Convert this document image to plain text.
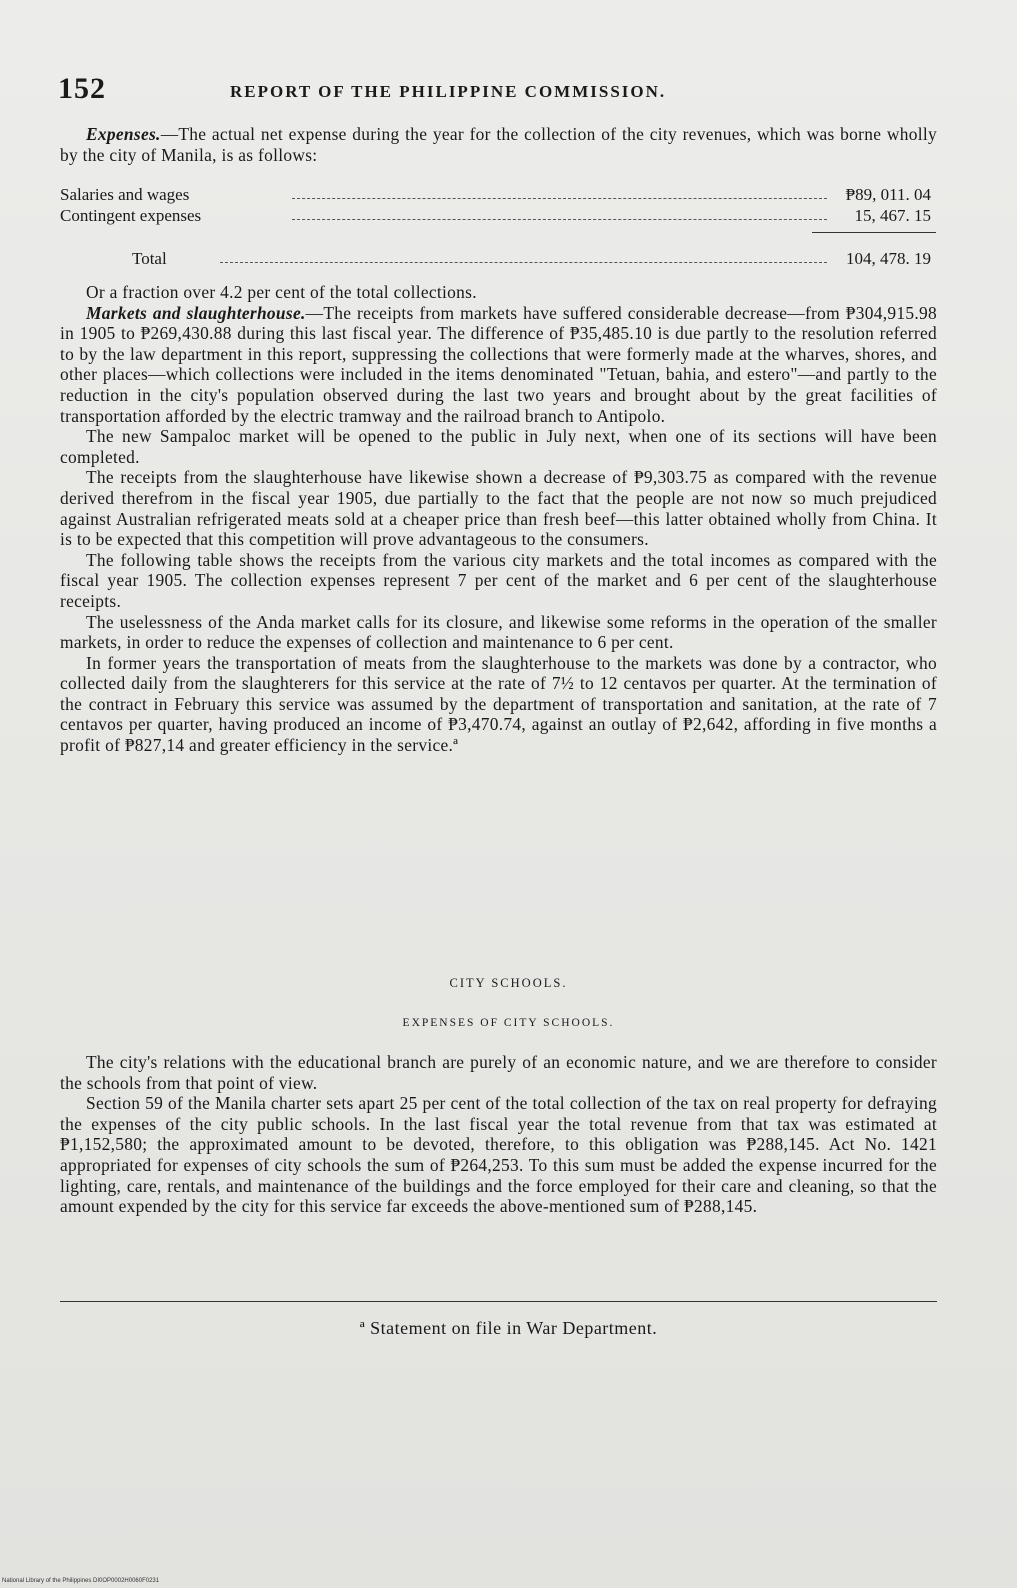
152	REPORT OF THE PHILIPPINE COMMISSION.

Expenses.—The actual net expense during the year for the collection of the city revenues, which was borne wholly by the city of Manila, is as follows:

Salaries and wages	₱89, 011. 04
Contingent expenses	15, 467. 15
Total	104, 478. 19

Or a fraction over 4.2 per cent of the total collections.

Markets and slaughterhouse.—The receipts from markets have suffered considerable decrease—from ₱304,915.98 in 1905 to ₱269,430.88 during this last fiscal year. The difference of ₱35,485.10 is due partly to the resolution referred to by the law department in this report, suppressing the collections that were formerly made at the wharves, shores, and other places—which collections were included in the items denominated "Tetuan, bahia, and estero"—and partly to the reduction in the city's population observed during the last two years and brought about by the great facilities of transportation afforded by the electric tramway and the railroad branch to Antipolo.

The new Sampaloc market will be opened to the public in July next, when one of its sections will have been completed.

The receipts from the slaughterhouse have likewise shown a decrease of ₱9,303.75 as compared with the revenue derived therefrom in the fiscal year 1905, due partially to the fact that the people are not now so much prejudiced against Australian refrigerated meats sold at a cheaper price than fresh beef—this latter obtained wholly from China. It is to be expected that this competition will prove advantageous to the consumers.

The following table shows the receipts from the various city markets and the total incomes as compared with the fiscal year 1905. The collection expenses represent 7 per cent of the market and 6 per cent of the slaughterhouse receipts.

The uselessness of the Anda market calls for its closure, and likewise some reforms in the operation of the smaller markets, in order to reduce the expenses of collection and maintenance to 6 per cent.

In former years the transportation of meats from the slaughterhouse to the markets was done by a contractor, who collected daily from the slaughterers for this service at the rate of 7½ to 12 centavos per quarter. At the termination of the contract in February this service was assumed by the department of transportation and sanitation, at the rate of 7 centavos per quarter, having produced an income of ₱3,470.74, against an outlay of ₱2,642, affording in five months a profit of ₱827,14 and greater efficiency in the service.ª

CITY SCHOOLS.
EXPENSES OF CITY SCHOOLS.

The city's relations with the educational branch are purely of an economic nature, and we are therefore to consider the schools from that point of view.

Section 59 of the Manila charter sets apart 25 per cent of the total collection of the tax on real property for defraying the expenses of the city public schools. In the last fiscal year the total revenue from that tax was estimated at ₱1,152,580; the approximated amount to be devoted, therefore, to this obligation was ₱288,145. Act No. 1421 appropriated for expenses of city schools the sum of ₱264,253. To this sum must be added the expense incurred for the lighting, care, rentals, and maintenance of the buildings and the force employed for their care and cleaning, so that the amount expended by the city for this service far exceeds the above-mentioned sum of ₱288,145.

ª Statement on file in War Department.
National Library of the Philippines DI0OP0002H0060F0231
